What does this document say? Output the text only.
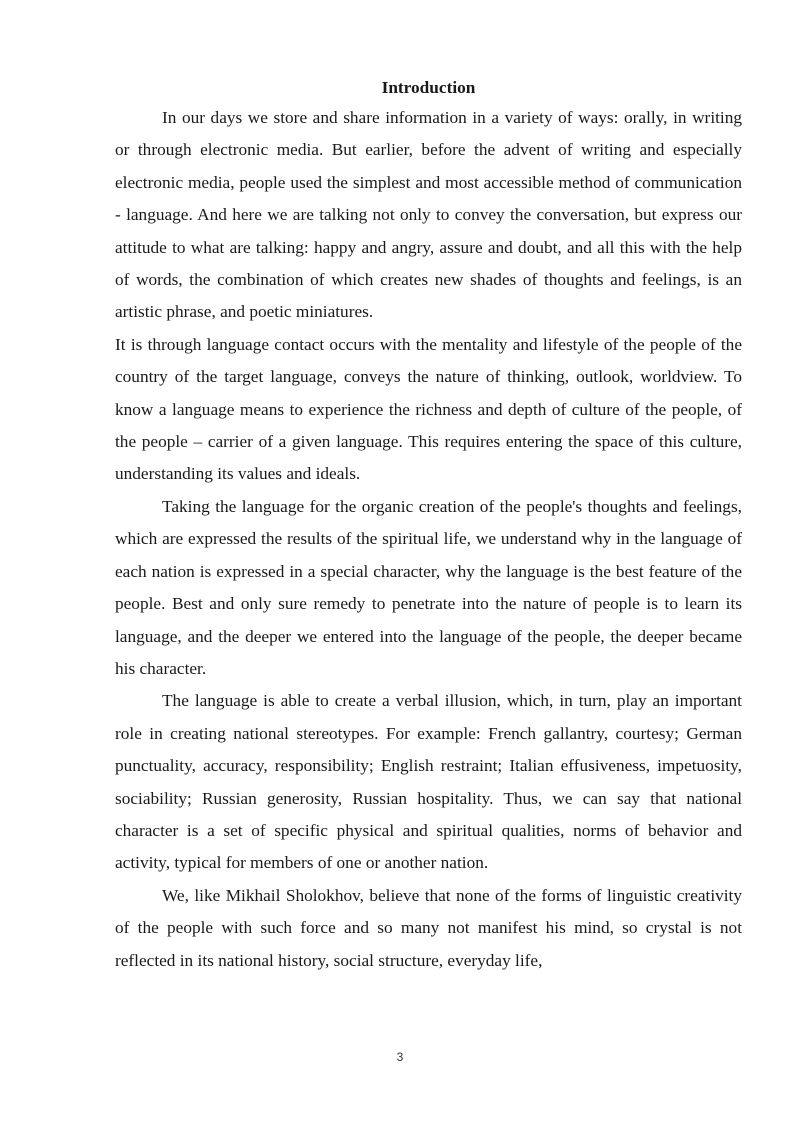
Introduction

In our days we store and share information in a variety of ways: orally, in writing or through electronic media. But earlier, before the advent of writing and especially electronic media, people used the simplest and most accessible method of communication - language. And here we are talking not only to convey the conversation, but express our attitude to what are talking: happy and angry, assure and doubt, and all this with the help of words, the combination of which creates new shades of thoughts and feelings, is an artistic phrase, and poetic miniatures.

It is through language contact occurs with the mentality and lifestyle of the people of the country of the target language, conveys the nature of thinking, outlook, worldview. To know a language means to experience the richness and depth of culture of the people, of the people – carrier of a given language. This requires entering the space of this culture, understanding its values and ideals.

Taking the language for the organic creation of the people's thoughts and feelings, which are expressed the results of the spiritual life, we understand why in the language of each nation is expressed in a special character, why the language is the best feature of the people. Best and only sure remedy to penetrate into the nature of people is to learn its language, and the deeper we entered into the language of the people, the deeper became his character.

The language is able to create a verbal illusion, which, in turn, play an important role in creating national stereotypes. For example: French gallantry, courtesy; German punctuality, accuracy, responsibility; English restraint; Italian effusiveness, impetuosity, sociability; Russian generosity, Russian hospitality. Thus, we can say that national character is a set of specific physical and spiritual qualities, norms of behavior and activity, typical for members of one or another nation.

We, like Mikhail Sholokhov, believe that none of the forms of linguistic creativity of the people with such force and so many not manifest his mind, so crystal is not reflected in its national history, social structure, everyday life,

3
